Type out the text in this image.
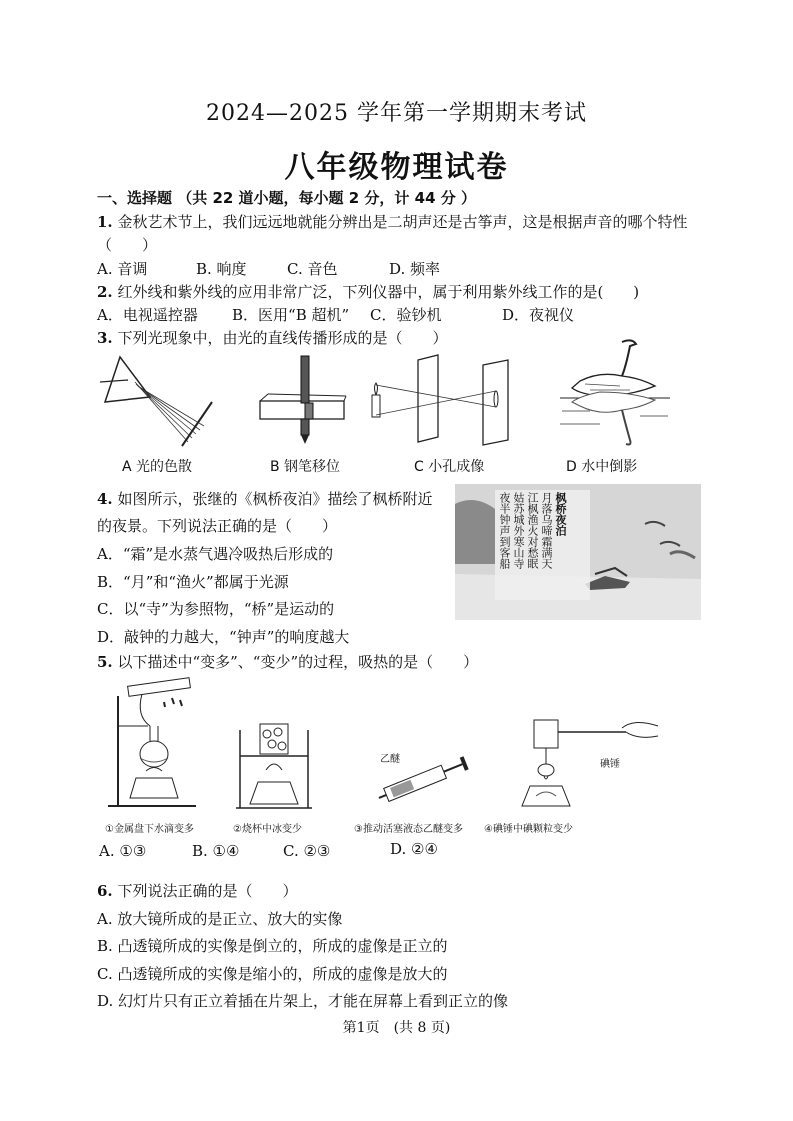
2024—2025 学年第一学期期末考试
八年级物理试卷
一、选择题 （共 22 道小题，每小题 2 分，计 44 分 ）
1. 金秋艺术节上，我们远远地就能分辨出是二胡声还是古筝声，这是根据声音的哪个特性
（　　）
A. 音调	B. 响度	C. 音色	D. 频率
2. 红外线和紫外线的应用非常广泛，下列仪器中，属于利用紫外线工作的是(　　)
A．电视遥控器 B．医用“B 超机” C．验钞机	D．夜视仪
3. 下列光现象中，由光的直线传播形成的是（　　）
A 光的色散	B 钢笔移位	C 小孔成像	D 水中倒影
4. 如图所示，张继的《枫桥夜泊》描绘了枫桥附近
的夜景。下列说法正确的是（　　）
A．“霜”是水蒸气遇冷吸热后形成的
B．“月”和“渔火”都属于光源
C．以“寺”为参照物，“桥”是运动的
D．敲钟的力越大，“钟声”的响度越大
枫桥夜泊
月落乌啼霜满天
江枫渔火对愁眠
姑苏城外寒山寺
夜半钟声到客船
5. 以下描述中“变多”、“变少”的过程，吸热的是（　　）
①金属盘下水滴变多	②烧杯中冰变少
乙醚
③推动活塞液态乙醚变多
碘锤
④碘锤中碘颗粒变少
A. ①③	B. ①④	C. ②③	D. ②④
6. 下列说法正确的是（　　）
A. 放大镜所成的是正立、放大的实像
B. 凸透镜所成的实像是倒立的，所成的虚像是正立的
C. 凸透镜所成的实像是缩小的，所成的虚像是放大的
D. 幻灯片只有正立着插在片架上，才能在屏幕上看到正立的像
第1页　(共 8 页)
